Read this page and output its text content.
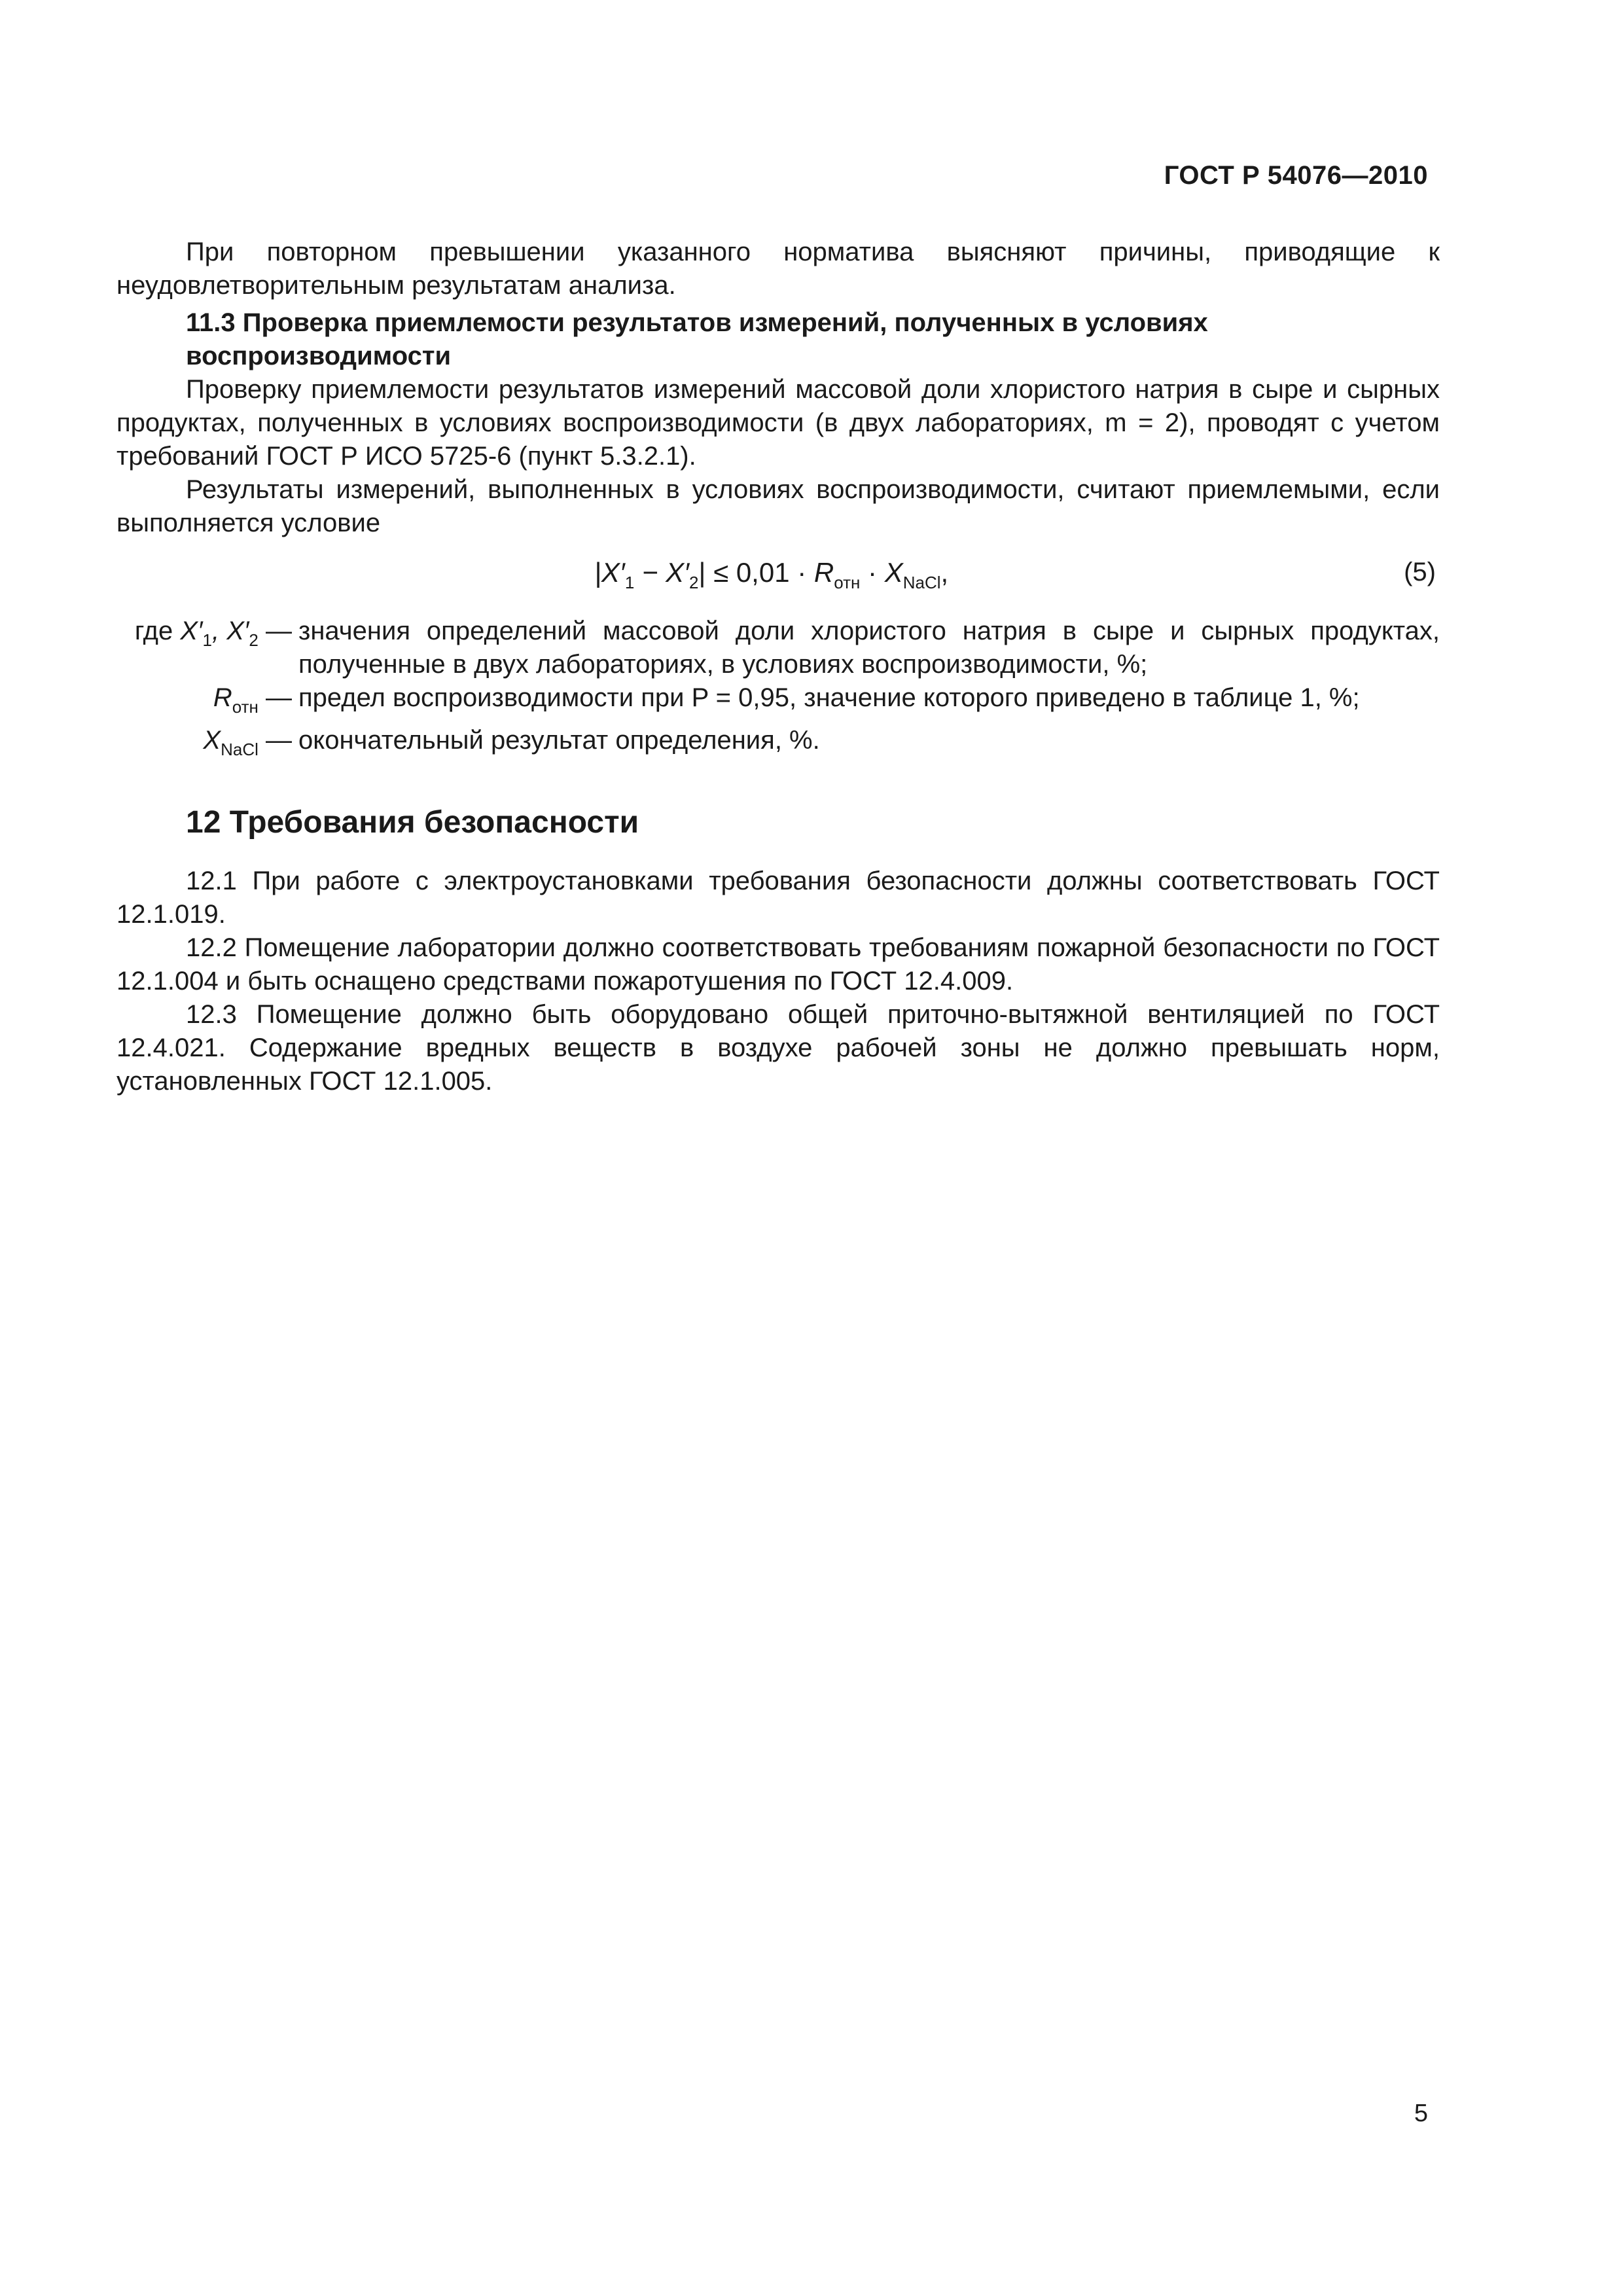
ГОСТ Р 54076—2010

При повторном превышении указанного норматива выясняют причины, приводящие к неудовлетворительным результатам анализа.

11.3 Проверка приемлемости результатов измерений, полученных в условиях воспроизводимости

Проверку приемлемости результатов измерений массовой доли хлористого натрия в сыре и сырных продуктах, полученных в условиях воспроизводимости (в двух лабораториях, m = 2), проводят с учетом требований ГОСТ Р ИСО 5725-6 (пункт 5.3.2.1).

Результаты измерений, выполненных в условиях воспроизводимости, считают приемлемыми, если выполняется условие

$|X'_1 - X'_2| \le 0,01 \cdot R_{отн} \cdot X_{NaCl}$,	(5)
где $X'_1$, $X'_2$ — значения определений массовой доли хлористого натрия в сыре и сырных продуктах, полученные в двух лабораториях, в условиях воспроизводимости, %;
$R_{отн}$ — предел воспроизводимости при P = 0,95, значение которого приведено в таблице 1, %;
$X_{NaCl}$ — окончательный результат определения, %.
12 Требования безопасности

12.1 При работе с электроустановками требования безопасности должны соответствовать ГОСТ 12.1.019.

12.2 Помещение лаборатории должно соответствовать требованиям пожарной безопасности по ГОСТ 12.1.004 и быть оснащено средствами пожаротушения по ГОСТ 12.4.009.

12.3 Помещение должно быть оборудовано общей приточно-вытяжной вентиляцией по ГОСТ 12.4.021. Содержание вредных веществ в воздухе рабочей зоны не должно превышать норм, установленных ГОСТ 12.1.005.

5
